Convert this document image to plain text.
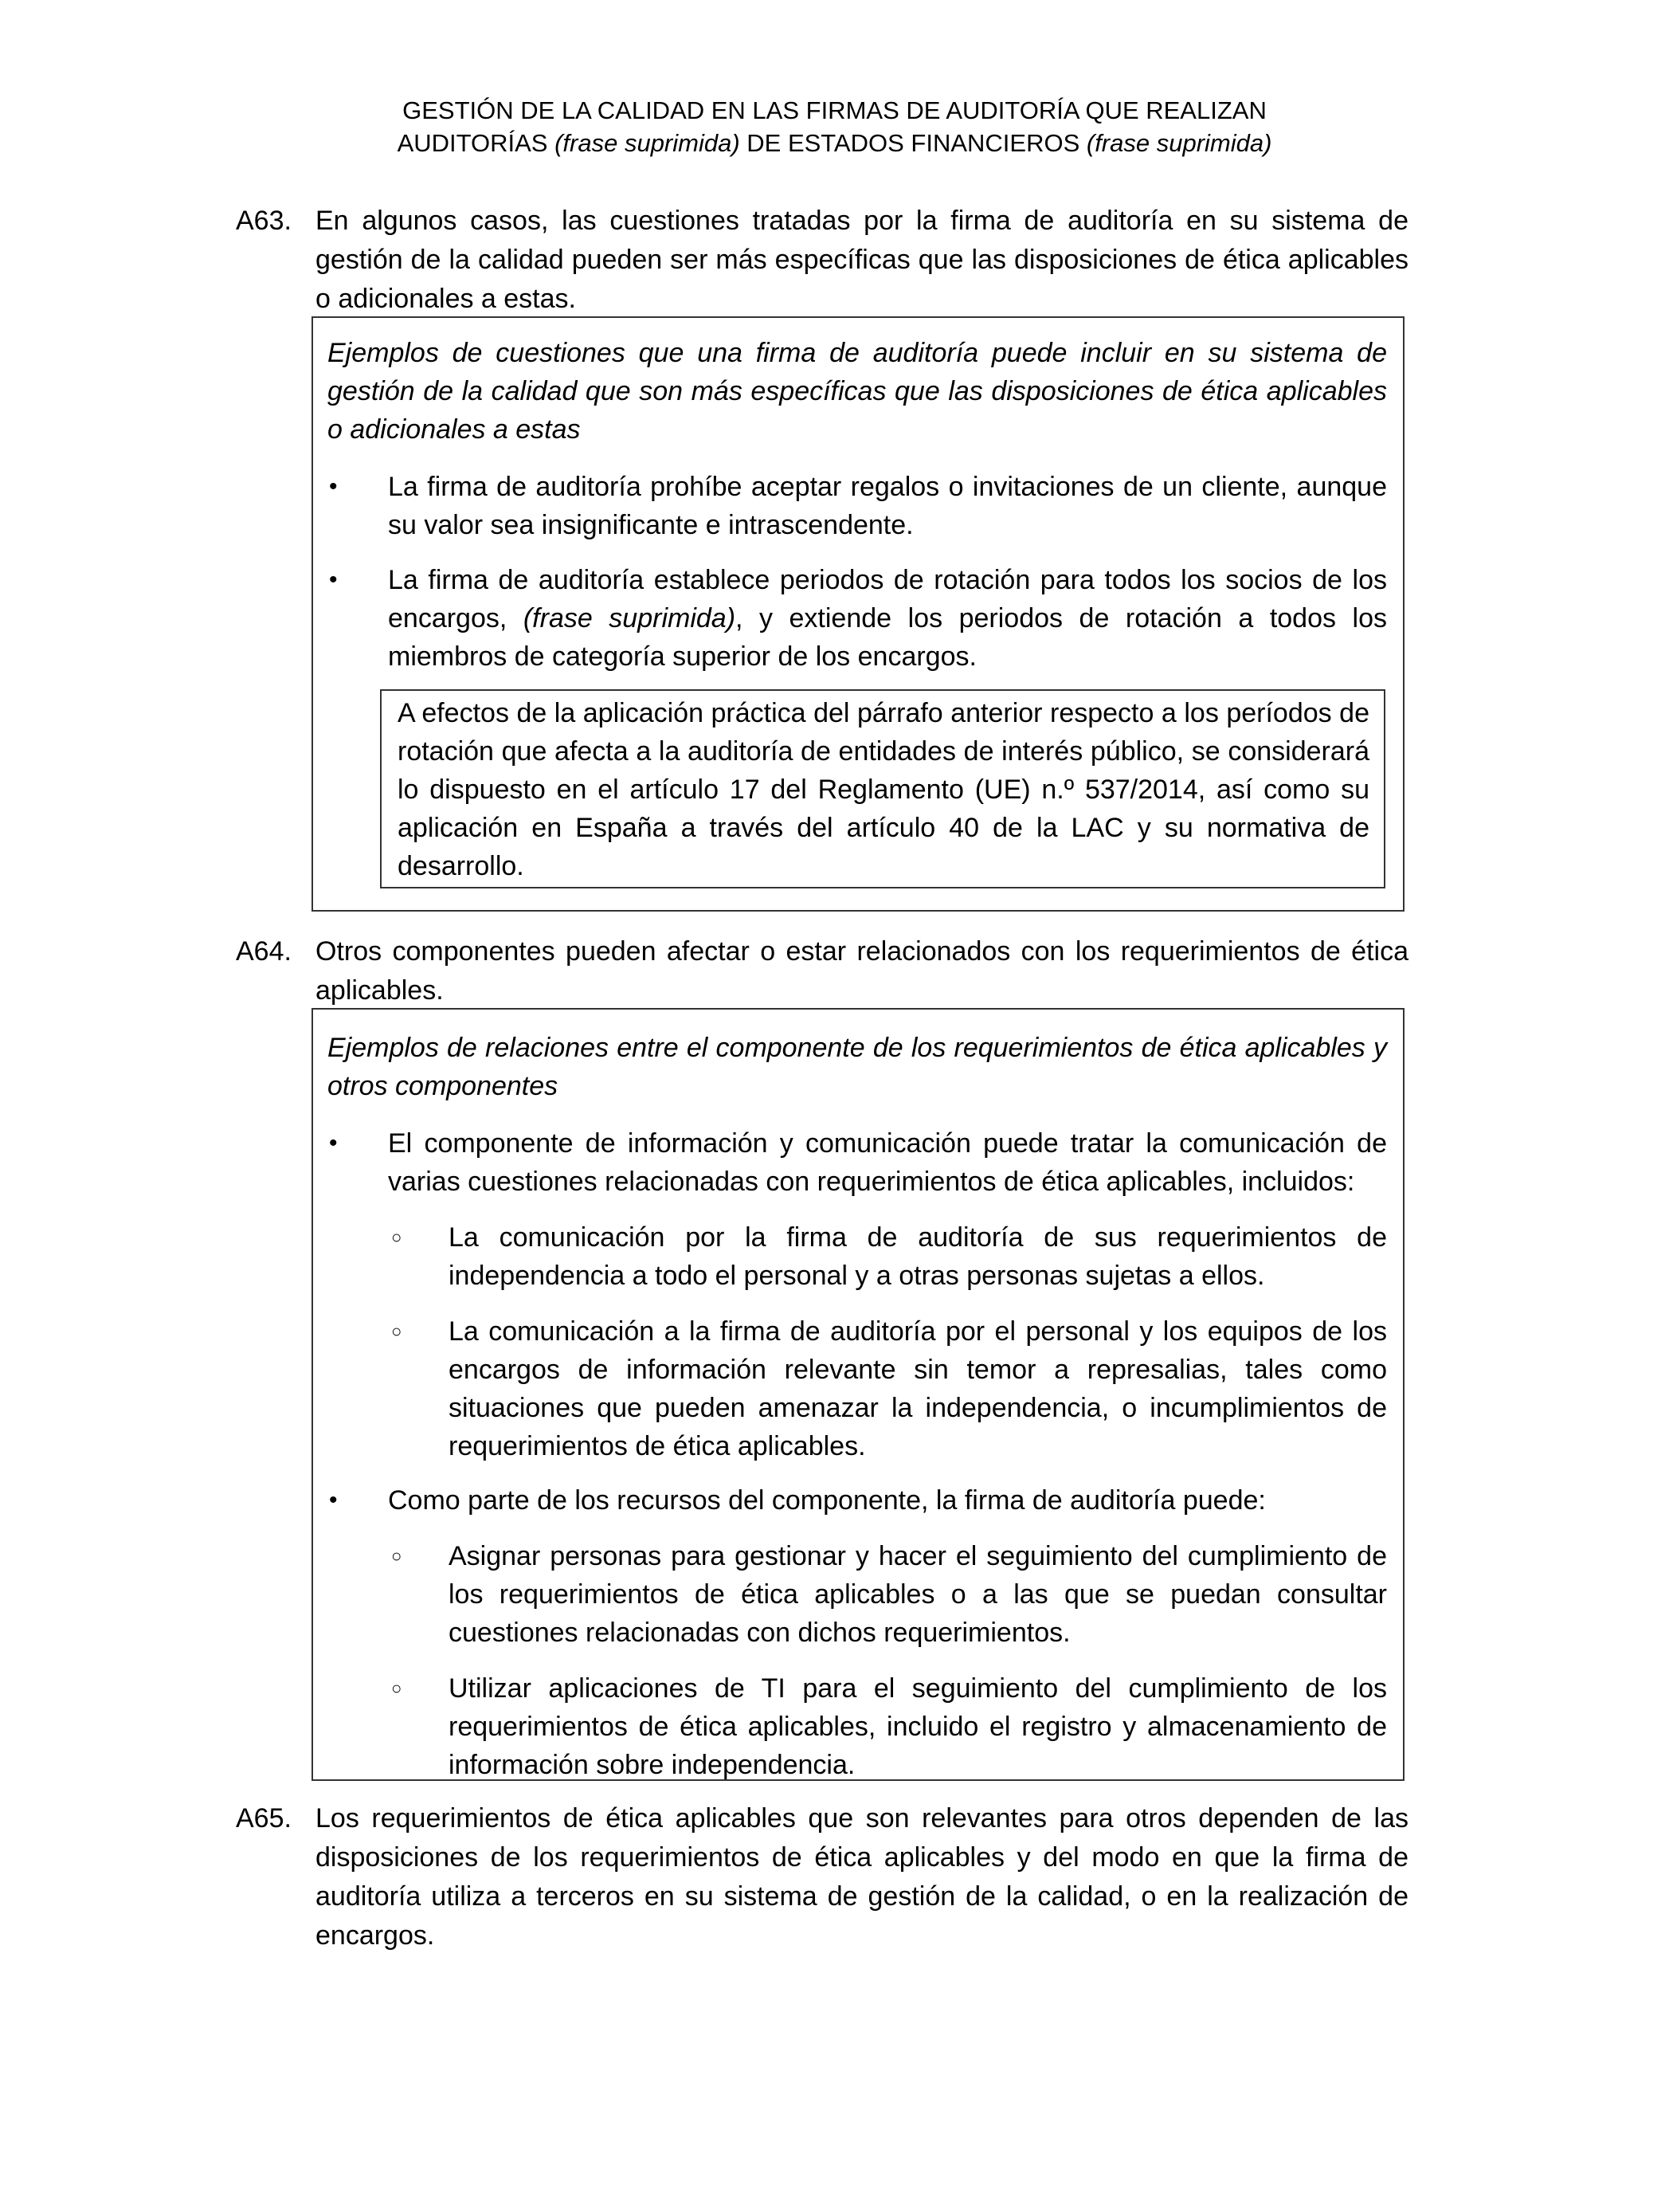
GESTIÓN DE LA CALIDAD EN LAS FIRMAS DE AUDITORÍA QUE REALIZAN
AUDITORÍAS (frase suprimida) DE ESTADOS FINANCIEROS (frase suprimida)
A63. En algunos casos, las cuestiones tratadas por la firma de auditoría en su sistema de gestión de la calidad pueden ser más específicas que las disposiciones de ética aplicables o adicionales a estas.
Ejemplos de cuestiones que una firma de auditoría puede incluir en su sistema de gestión de la calidad que son más específicas que las disposiciones de ética aplicables o adicionales a estas
• La firma de auditoría prohíbe aceptar regalos o invitaciones de un cliente, aunque su valor sea insignificante e intrascendente.
• La firma de auditoría establece periodos de rotación para todos los socios de los encargos, (frase suprimida), y extiende los periodos de rotación a todos los miembros de categoría superior de los encargos.
A efectos de la aplicación práctica del párrafo anterior respecto a los períodos de rotación que afecta a la auditoría de entidades de interés público, se considerará lo dispuesto en el artículo 17 del Reglamento (UE) n.º 537/2014, así como su aplicación en España a través del artículo 40 de la LAC y su normativa de desarrollo.
A64. Otros componentes pueden afectar o estar relacionados con los requerimientos de ética aplicables.
Ejemplos de relaciones entre el componente de los requerimientos de ética aplicables y otros componentes
• El componente de información y comunicación puede tratar la comunicación de varias cuestiones relacionadas con requerimientos de ética aplicables, incluidos:
○ La comunicación por la firma de auditoría de sus requerimientos de independencia a todo el personal y a otras personas sujetas a ellos.
○ La comunicación a la firma de auditoría por el personal y los equipos de los encargos de información relevante sin temor a represalias, tales como situaciones que pueden amenazar la independencia, o incumplimientos de requerimientos de ética aplicables.
• Como parte de los recursos del componente, la firma de auditoría puede:
○ Asignar personas para gestionar y hacer el seguimiento del cumplimiento de los requerimientos de ética aplicables o a las que se puedan consultar cuestiones relacionadas con dichos requerimientos.
○ Utilizar aplicaciones de TI para el seguimiento del cumplimiento de los requerimientos de ética aplicables, incluido el registro y almacenamiento de información sobre independencia.
A65. Los requerimientos de ética aplicables que son relevantes para otros dependen de las disposiciones de los requerimientos de ética aplicables y del modo en que la firma de auditoría utiliza a terceros en su sistema de gestión de la calidad, o en la realización de encargos.
